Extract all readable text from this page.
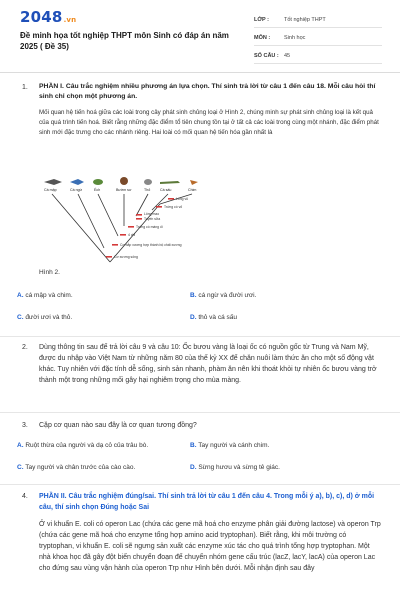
2048.vn
Đề minh họa tốt nghiệp THPT môn Sinh có đáp án năm 2025 ( Đề 35)
LỚP :	Tốt nghiệp THPT
MÔN :	Sinh học
SỐ CÂU : 45
1.	PHẦN I. Câu trắc nghiệm nhiều phương án lựa chọn. Thí sinh trả lời từ câu 1 đến câu 18. Mỗi câu hỏi thí sinh chỉ chọn một phương án.
Mối quan hệ tiến hoá giữa các loài trong cây phát sinh chủng loại ở Hình 2, chúng minh sự phát sinh chủng loại là kết quả của quá trình tiến hoá. Biết rằng những đặc điểm tổ tiên chung tồn tại ở tất cả các loài trong cùng một nhánh, đặc điểm phát sinh mới đặc trưng cho các nhánh riêng. Hai loài có mối quan hệ tiến hóa gần nhất là
Cá mập	Cá ngừ	Ếch	Bướm sư	Thỏ	Cá sấu	Chim
Lông vũ
Trứng có vỏ
Lông mao
Tuyến sữa
Trứng có màng ối
4 chi
Cơ bắp xương hợp thành bộ chất xương
Cơ xương sống
Hình 2.
A. cá mập và chim.	B. cá ngừ và đười ươi.
C. đười ươi và thỏ.	D. thỏ và cá sấu
2.	Dùng thông tin sau để trả lời câu 9 và câu 10: Ốc bươu vàng là loại ốc có nguồn gốc từ Trung và Nam Mỹ, được du nhập vào Việt Nam từ những năm 80 của thế kỷ XX để chăn nuôi làm thức ăn cho một số động vật khác. Tuy nhiên với đặc tính dễ sống, sinh sản nhanh, phàm ăn nên khi thoát khỏi tự nhiên ốc bươu vàng trở thành một trong những mối gây hại nghiêm trọng cho mùa màng.
3.	Cặp cơ quan nào sau đây là cơ quan tương đồng?
A. Ruột thừa của người và dạ cỏ của trâu bò.	B. Tay người và cánh chim.
C. Tay người và chân trước của cào cào.	D. Sừng hươu và sừng tê giác.
4.	PHẦN II. Câu trắc nghiệm đúng/sai. Thí sinh trả lời từ câu 1 đến câu 4. Trong mỗi ý a), b), c), d) ở mỗi câu, thí sinh chọn Đúng hoặc Sai
Ở vi khuẩn E. coli có operon Lac (chứa các gene mã hoá cho enzyme phân giải đường lactose) và operon Trp (chứa các gene mã hoá cho enzyme tổng hợp amino acid tryptophan). Biết rằng, khi môi trường có tryptophan, vi khuẩn E. coli sẽ ngưng sản xuất các enzyme xúc tác cho quá trình tổng hợp tryptophan. Một nhà khoa học đã gây đột biến chuyển đoạn để chuyển nhóm gene cấu trúc (lacZ, lacY, lacA) của operon Lac cho đứng sau vùng vận hành của operon Trp như Hình bên dưới. Mỗi nhận định sau đây
